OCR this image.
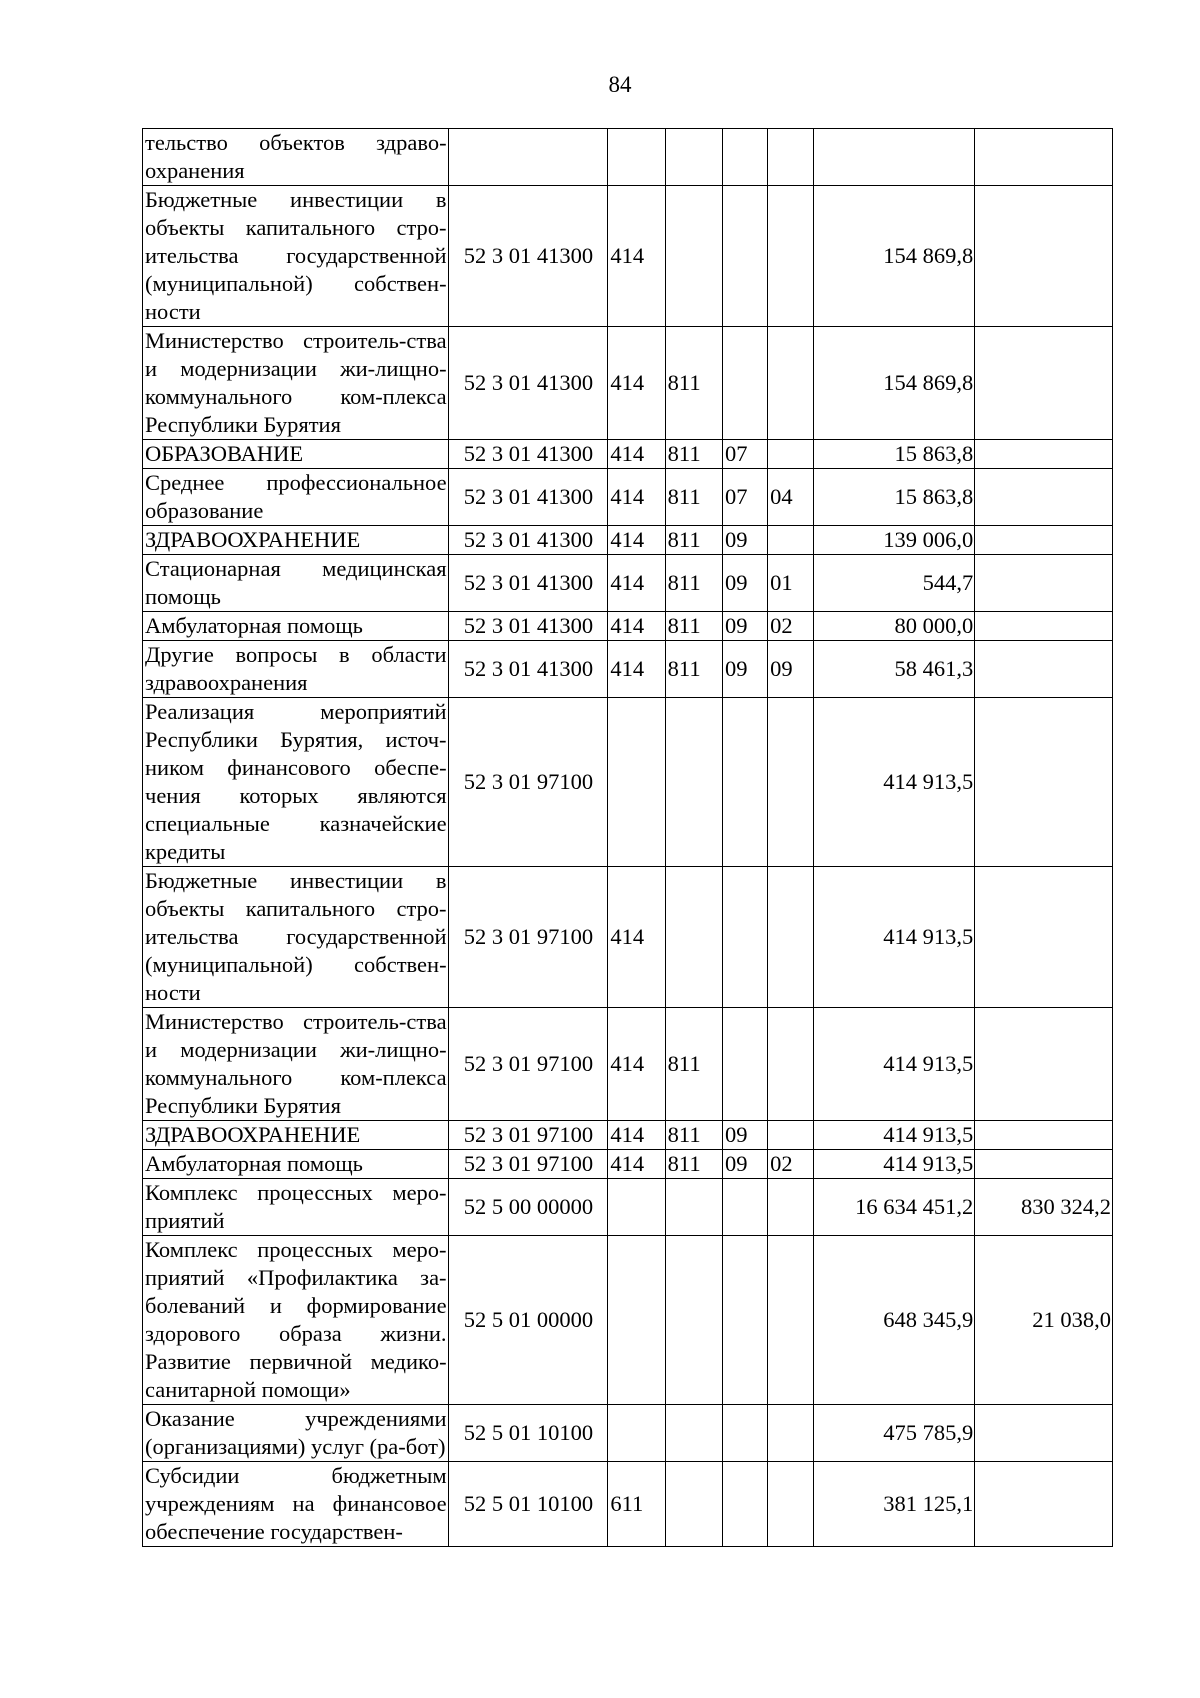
84
тельство объектов здраво-охранения							
Бюджетные инвестиции в объекты капитального стро-ительства государственной (муниципальной) собствен-ности	52 3 01 41300	414				154 869,8	
Министерство строитель-ства и модернизации жи-лищно-коммунального ком-плекса Республики Бурятия	52 3 01 41300	414	811			154 869,8	
ОБРАЗОВАНИЕ	52 3 01 41300	414	811	07		15 863,8	
Среднее профессиональное образование	52 3 01 41300	414	811	07	04	15 863,8	
ЗДРАВООХРАНЕНИЕ	52 3 01 41300	414	811	09		139 006,0	
Стационарная медицинская помощь	52 3 01 41300	414	811	09	01	544,7	
Амбулаторная помощь	52 3 01 41300	414	811	09	02	80 000,0	
Другие вопросы в области здравоохранения	52 3 01 41300	414	811	09	09	58 461,3	
Реализация мероприятий Республики Бурятия, источ-ником финансового обеспе-чения которых являются специальные казначейские кредиты	52 3 01 97100					414 913,5	
Бюджетные инвестиции в объекты капитального стро-ительства государственной (муниципальной) собствен-ности	52 3 01 97100	414				414 913,5	
Министерство строитель-ства и модернизации жи-лищно-коммунального ком-плекса Республики Бурятия	52 3 01 97100	414	811			414 913,5	
ЗДРАВООХРАНЕНИЕ	52 3 01 97100	414	811	09		414 913,5	
Амбулаторная помощь	52 3 01 97100	414	811	09	02	414 913,5	
Комплекс процессных меро-приятий	52 5 00 00000					16 634 451,2	830 324,2
Комплекс процессных меро-приятий «Профилактика за-болеваний и формирование здорового образа жизни. Развитие первичной медико-санитарной помощи»	52 5 01 00000					648 345,9	21 038,0
Оказание учреждениями (организациями) услуг (ра-бот)	52 5 01 10100					475 785,9	
Субсидии бюджетным учреждениям на финансовое обеспечение государствен-	52 5 01 10100	611				381 125,1	
